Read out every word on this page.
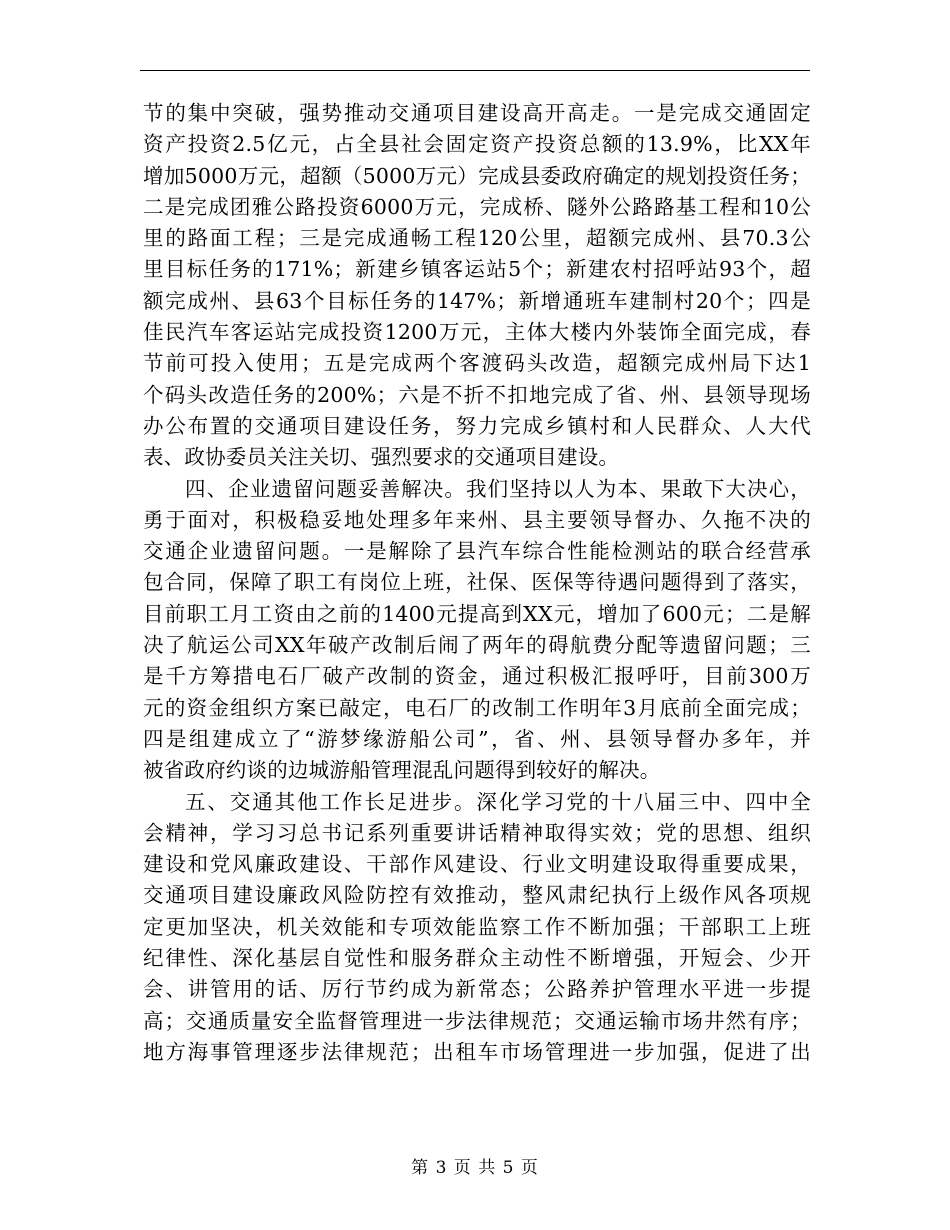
节的集中突破，强势推动交通项目建设高开高走。一是完成交通固定
资产投资2.5亿元，占全县社会固定资产投资总额的13.9%，比XX年
增加5000万元，超额（5000万元）完成县委政府确定的规划投资任务；
二是完成团雅公路投资6000万元，完成桥、隧外公路路基工程和10公
里的路面工程；三是完成通畅工程120公里，超额完成州、县70.3公
里目标任务的171%；新建乡镇客运站5个；新建农村招呼站93个，超
额完成州、县63个目标任务的147%；新增通班车建制村20个；四是
佳民汽车客运站完成投资1200万元，主体大楼内外装饰全面完成，春
节前可投入使用；五是完成两个客渡码头改造，超额完成州局下达1
个码头改造任务的200%；六是不折不扣地完成了省、州、县领导现场
办公布置的交通项目建设任务，努力完成乡镇村和人民群众、人大代
表、政协委员关注关切、强烈要求的交通项目建设。
四、企业遗留问题妥善解决。我们坚持以人为本、果敢下大决心，
勇于面对，积极稳妥地处理多年来州、县主要领导督办、久拖不决的
交通企业遗留问题。一是解除了县汽车综合性能检测站的联合经营承
包合同，保障了职工有岗位上班，社保、医保等待遇问题得到了落实，
目前职工月工资由之前的1400元提高到XX元，增加了600元；二是解
决了航运公司XX年破产改制后闹了两年的碍航费分配等遗留问题；三
是千方筹措电石厂破产改制的资金，通过积极汇报呼吁，目前300万
元的资金组织方案已敲定，电石厂的改制工作明年3月底前全面完成；
四是组建成立了“游梦缘游船公司”，省、州、县领导督办多年，并
被省政府约谈的边城游船管理混乱问题得到较好的解决。
五、交通其他工作长足进步。深化学习党的十八届三中、四中全
会精神，学习习总书记系列重要讲话精神取得实效；党的思想、组织
建设和党风廉政建设、干部作风建设、行业文明建设取得重要成果，
交通项目建设廉政风险防控有效推动，整风肃纪执行上级作风各项规
定更加坚决，机关效能和专项效能监察工作不断加强；干部职工上班
纪律性、深化基层自觉性和服务群众主动性不断增强，开短会、少开
会、讲管用的话、厉行节约成为新常态；公路养护管理水平进一步提
高；交通质量安全监督管理进一步法律规范；交通运输市场井然有序；
地方海事管理逐步法律规范；出租车市场管理进一步加强，促进了出
第 3 页 共 5 页
